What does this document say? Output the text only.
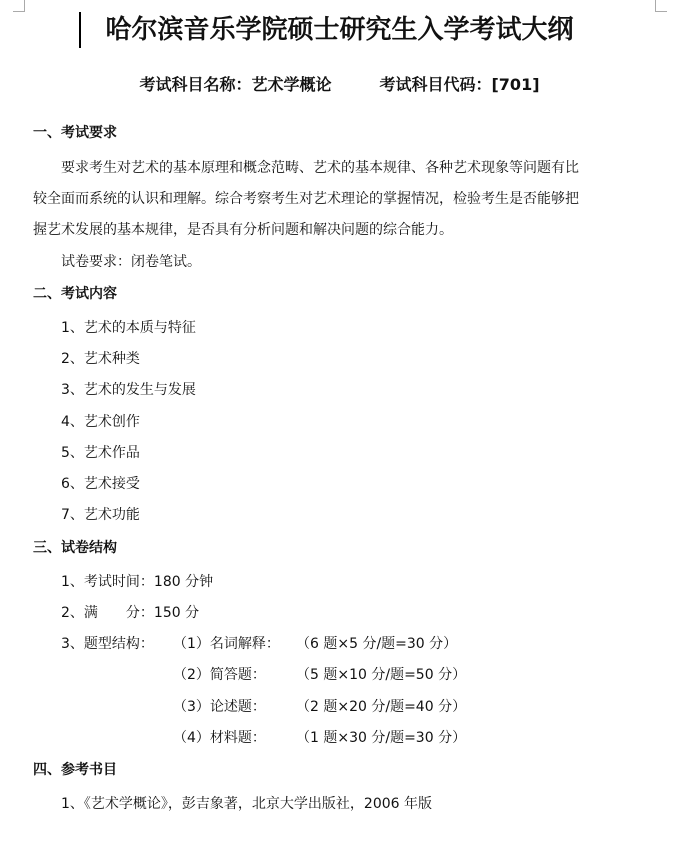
哈尔滨音乐学院硕士研究生入学考试大纲
考试科目名称：艺术学概论　　　考试科目代码：[701]
一、考试要求
要求考生对艺术的基本原理和概念范畴、艺术的基本规律、各种艺术现象等问题有比
较全面而系统的认识和理解。综合考察考生对艺术理论的掌握情况，检验考生是否能够把
握艺术发展的基本规律，是否具有分析问题和解决问题的综合能力。
试卷要求：闭卷笔试。
二、考试内容
1、艺术的本质与特征
2、艺术种类
3、艺术的发生与发展
4、艺术创作
5、艺术作品
6、艺术接受
7、艺术功能
三、试卷结构
1、考试时间：180 分钟
2、满　　分：150 分
3、题型结构： （1）名词解释： （6 题×5 分/题=30 分）
（2）简答题： （5 题×10 分/题=50 分）
（3）论述题： （2 题×20 分/题=40 分）
（4）材料题： （1 题×30 分/题=30 分）
四、参考书目
1、《艺术学概论》，彭吉象著，北京大学出版社，2006 年版
